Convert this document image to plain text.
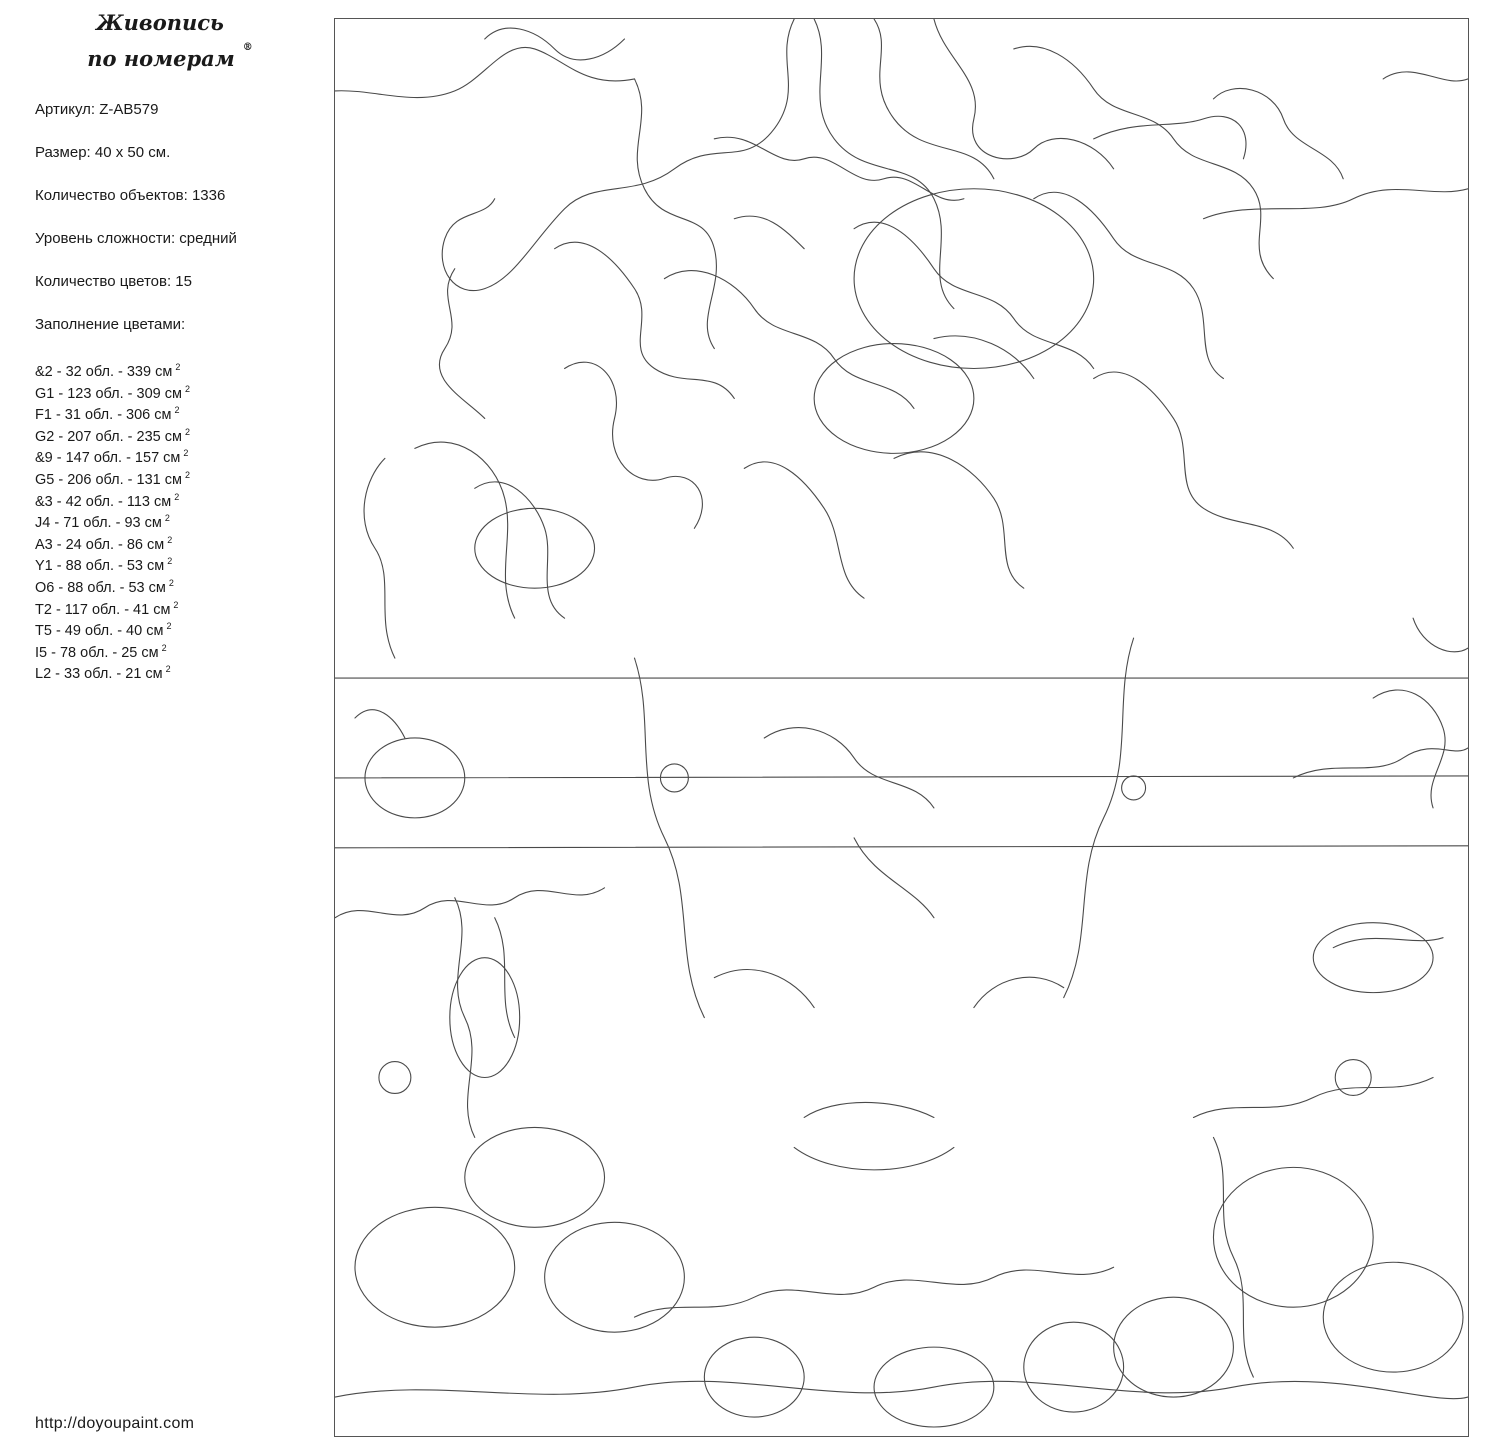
Живопись
по номерам ®
Артикул: Z-AB579
Размер: 40 x 50 см.
Количество объектов: 1336
Уровень сложности: средний
Количество цветов: 15
Заполнение цветами:
&2 - 32 обл. - 339 см $^2$
G1 - 123 обл. - 309 см $^2$
F1 - 31 обл. - 306 см $^2$
G2 - 207 обл. - 235 см $^2$
&9 - 147 обл. - 157 см $^2$
G5 - 206 обл. - 131 см $^2$
&3 - 42 обл. - 113 см $^2$
J4 - 71 обл. - 93 см $^2$
A3 - 24 обл. - 86 см $^2$
Y1 - 88 обл. - 53 см $^2$
O6 - 88 обл. - 53 см $^2$
T2 - 117 обл. - 41 см $^2$
T5 - 49 обл. - 40 см $^2$
I5 - 78 обл. - 25 см $^2$
L2 - 33 обл. - 21 см $^2$
http://doyoupaint.com
